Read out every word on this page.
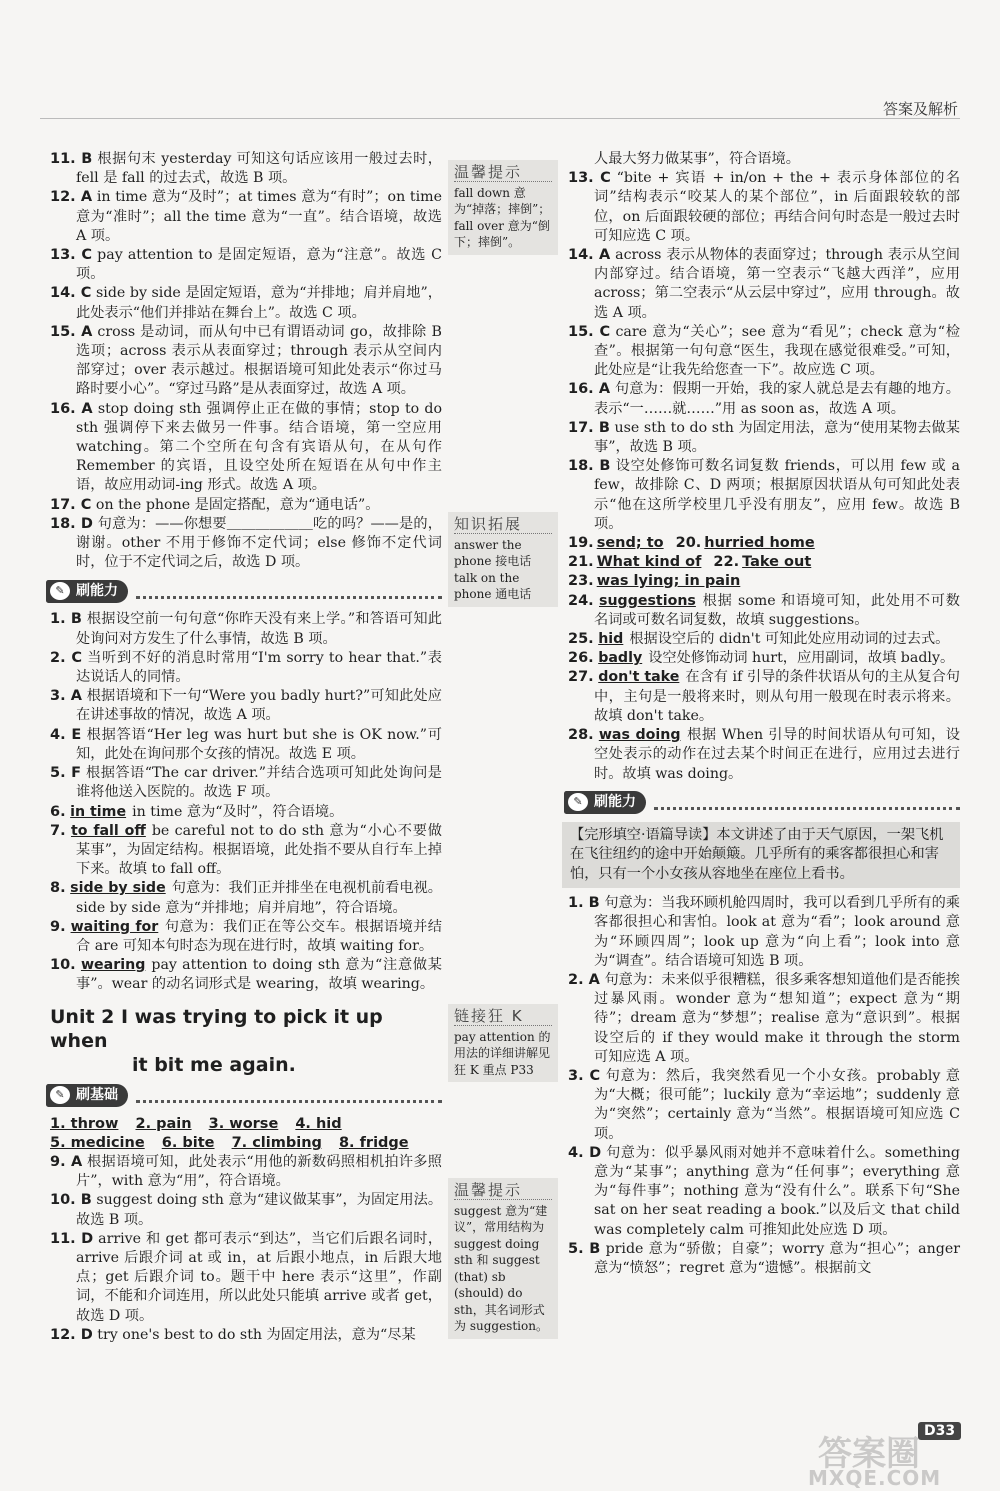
答案及解析

11. B 根据句末 yesterday 可知这句话应该用一般过去时，fell 是 fall 的过去式，故选 B 项。

12. A in time 意为“及时”；at times 意为“有时”；on time 意为“准时”；all the time 意为“一直”。结合语境，故选 A 项。

13. C pay attention to 是固定短语，意为“注意”。故选 C 项。

14. C side by side 是固定短语，意为“并排地；肩并肩地”，此处表示“他们并排站在舞台上”。故选 C 项。

15. A cross 是动词，而从句中已有谓语动词 go，故排除 B 选项；across 表示从表面穿过；through 表示从空间内部穿过；over 表示越过。根据语境可知此处表示“你过马路时要小心”。“穿过马路”是从表面穿过，故选 A 项。

16. A stop doing sth 强调停止正在做的事情；stop to do sth 强调停下来去做另一件事。结合语境，第一空应用 watching。第二个空所在句含有宾语从句，在从句作 Remember 的宾语，且设空处所在短语在从句中作主语，故应用动词-ing 形式。故选 A 项。

17. C on the phone 是固定搭配，意为“通电话”。

18. D 句意为：——你想要＿＿＿＿＿＿吃的吗？——是的，谢谢。other 不用于修饰不定代词；else 修饰不定代词时，位于不定代词之后，故选 D 项。

✎ 刷能力

1. B 根据设空前一句句意“你昨天没有来上学。”和答语可知此处询问对方发生了什么事情，故选 B 项。

2. C 当听到不好的消息时常用“I'm sorry to hear that.”表达说话人的同情。

3. A 根据语境和下一句“Were you badly hurt?”可知此处应在讲述事故的情况，故选 A 项。

4. E 根据答语“Her leg was hurt but she is OK now.”可知，此处在询问那个女孩的情况。故选 E 项。

5. F 根据答语“The car driver.”并结合选项可知此处询问是谁将他送入医院的。故选 F 项。

6. in time in time 意为“及时”，符合语境。

7. to fall off be careful not to do sth 意为“小心不要做某事”，为固定结构。根据语境，此处指不要从自行车上掉下来。故填 to fall off。

8. side by side 句意为：我们正并排坐在电视机前看电视。side by side 意为“并排地；肩并肩地”，符合语境。

9. waiting for 句意为：我们正在等公交车。根据语境并结合 are 可知本句时态为现在进行时，故填 waiting for。

10. wearing pay attention to doing sth 意为“注意做某事”。wear 的动名词形式是 wearing，故填 wearing。

Unit 2 I was trying to pick it up when
it bit me again.
✎ 刷基础

1. throw 2. pain 3. worse 4. hid

5. medicine 6. bite 7. climbing 8. fridge

9. A 根据语境可知，此处表示“用他的新数码照相机拍许多照片”，with 意为“用”，符合语境。

10. B suggest doing sth 意为“建议做某事”，为固定用法。故选 B 项。

11. D arrive 和 get 都可表示“到达”，当它们后跟名词时，arrive 后跟介词 at 或 in，at 后跟小地点，in 后跟大地点；get 后跟介词 to。题干中 here 表示“这里”，作副词，不能和介词连用，所以此处只能填 arrive 或者 get，故选 D 项。

12. D try one's best to do sth 为固定用法，意为“尽某

温馨提示
fall down 意为“掉落；摔倒”；fall over 意为“倒下；摔倒”。
知识拓展
answer the phone 接电话 talk on the phone 通电话
链接狂 K
pay attention 的用法的详细讲解见狂 K 重点 P33
温馨提示
suggest 意为“建议”，常用结构为 suggest doing sth 和 suggest (that) sb (should) do sth，其名词形式为 suggestion。

人最大努力做某事”，符合语境。

13. C “bite + 宾语 + in/on + the + 表示身体部位的名词”结构表示“咬某人的某个部位”，in 后面跟较软的部位，on 后面跟较硬的部位；再结合问句时态是一般过去时可知应选 C 项。

14. A across 表示从物体的表面穿过；through 表示从空间内部穿过。结合语境，第一空表示“飞越大西洋”，应用 across；第二空表示“从云层中穿过”，应用 through。故选 A 项。

15. C care 意为“关心”；see 意为“看见”；check 意为“检查”。根据第一句句意“医生，我现在感觉很难受。”可知，此处应是“让我先给您查一下”。故应选 C 项。

16. A 句意为：假期一开始，我的家人就总是去有趣的地方。表示“一……就……”用 as soon as，故选 A 项。

17. B use sth to do sth 为固定用法，意为“使用某物去做某事”，故选 B 项。

18. B 设空处修饰可数名词复数 friends，可以用 few 或 a few，故排除 C、D 两项；根据原因状语从句可知此处表示“他在这所学校里几乎没有朋友”，应用 few。故选 B 项。

19. send; to 20. hurried home

21. What kind of 22. Take out

23. was lying; in pain

24. suggestions 根据 some 和语境可知，此处用不可数名词或可数名词复数，故填 suggestions。

25. hid 根据设空后的 didn't 可知此处应用动词的过去式。

26. badly 设空处修饰动词 hurt，应用副词，故填 badly。

27. don't take 在含有 if 引导的条件状语从句的主从复合句中，主句是一般将来时，则从句用一般现在时表示将来。故填 don't take。

28. was doing 根据 When 引导的时间状语从句可知，设空处表示的动作在过去某个时间正在进行，应用过去进行时。故填 was doing。

✎ 刷能力
【完形填空·语篇导读】本文讲述了由于天气原因，一架飞机在飞往纽约的途中开始颠簸。几乎所有的乘客都很担心和害怕，只有一个小女孩从容地坐在座位上看书。

1. B 句意为：当我环顾机舱四周时，我可以看到几乎所有的乘客都很担心和害怕。look at 意为“看”；look around 意为“环顾四周”；look up 意为“向上看”；look into 意为“调查”。结合语境可知选 B 项。

2. A 句意为：未来似乎很糟糕，很多乘客想知道他们是否能挨过暴风雨。wonder 意为“想知道”；expect 意为“期待”；dream 意为“梦想”；realise 意为“意识到”。根据设空后的 if they would make it through the storm 可知应选 A 项。

3. C 句意为：然后，我突然看见一个小女孩。probably 意为“大概；很可能”；luckily 意为“幸运地”；suddenly 意为“突然”；certainly 意为“当然”。根据语境可知应选 C 项。

4. D 句意为：似乎暴风雨对她并不意味着什么。something 意为“某事”；anything 意为“任何事”；everything 意为“每件事”；nothing 意为“没有什么”。联系下句“She sat on her seat reading a book.”以及后文 that child was completely calm 可推知此处应选 D 项。

5. B pride 意为“骄傲；自豪”；worry 意为“担心”；anger 意为“愤怒”；regret 意为“遗憾”。根据前文

D33
答案圈
MXQE.COM
